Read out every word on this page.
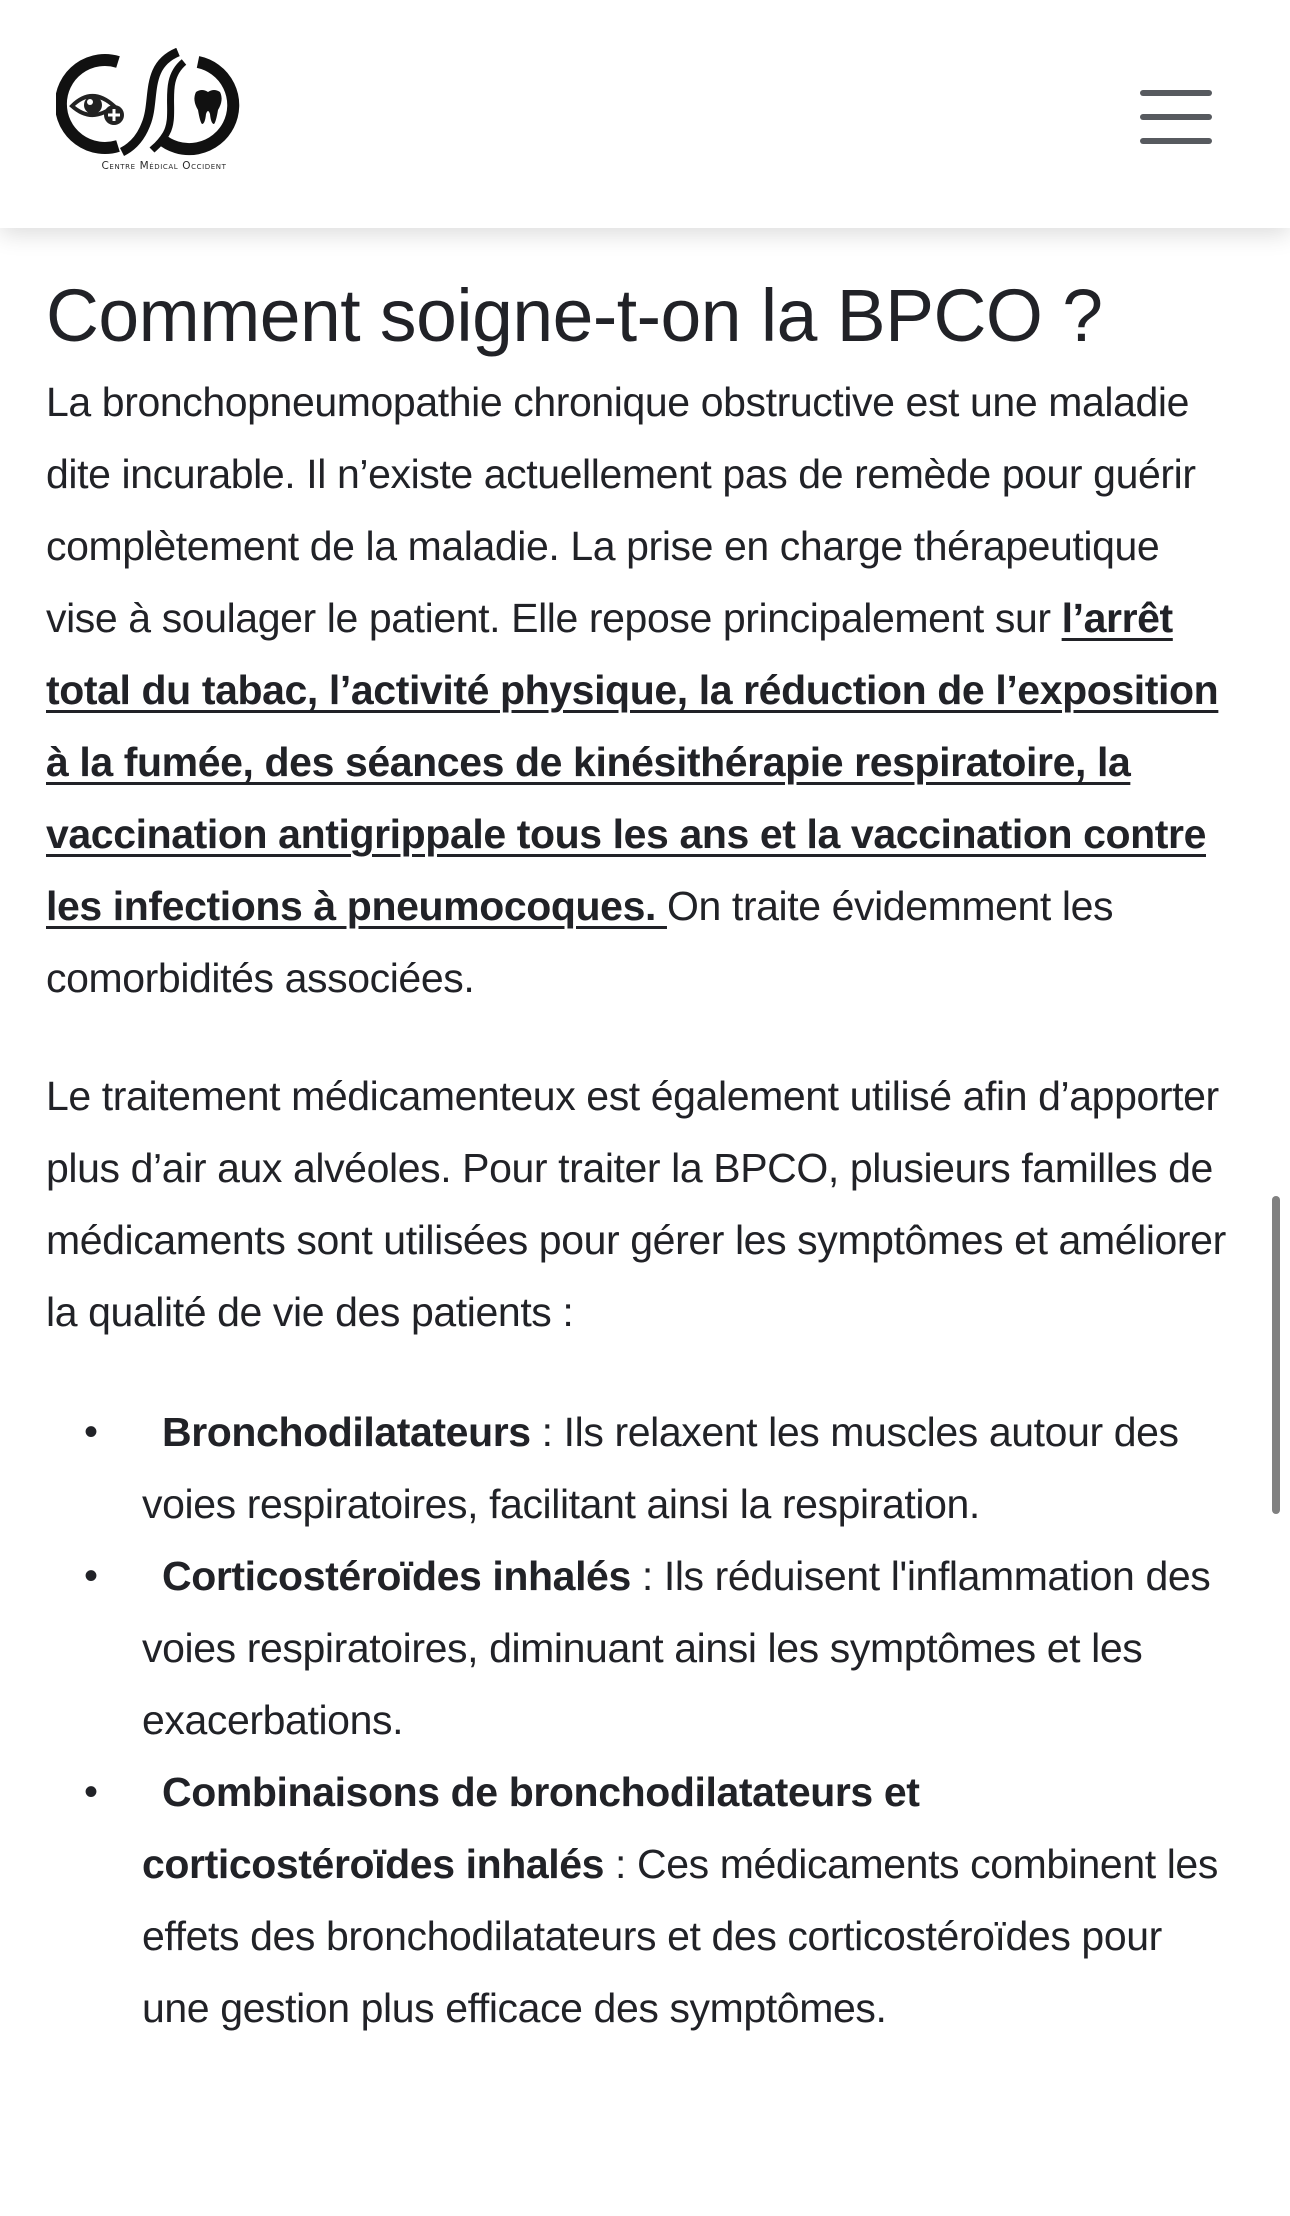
Centre Médical Occident
Comment soigne-t-on la BPCO ?

La bronchopneumopathie chronique obstructive est une maladie dite incurable. Il n’existe actuellement pas de remède pour guérir complètement de la maladie. La prise en charge thérapeutique vise à soulager le patient. Elle repose principalement sur l’arrêt total du tabac, l’activité physique, la réduction de l’exposition à la fumée, des séances de kinésithérapie respiratoire, la vaccination antigrippale tous les ans et la vaccination contre les infections à pneumocoques. On traite évidemment les comorbidités associées.

Le traitement médicamenteux est également utilisé afin d’apporter plus d’air aux alvéoles. Pour traiter la BPCO, plusieurs familles de médicaments sont utilisées pour gérer les symptômes et améliorer la qualité de vie des patients :

• Bronchodilatateurs : Ils relaxent les muscles autour des voies respiratoires, facilitant ainsi la respiration.
• Corticostéroïdes inhalés : Ils réduisent l'inflammation des voies respiratoires, diminuant ainsi les symptômes et les exacerbations.
• Combinaisons de bronchodilatateurs et corticostéroïdes inhalés : Ces médicaments combinent les effets des bronchodilatateurs et des corticostéroïdes pour une gestion plus efficace des symptômes.
